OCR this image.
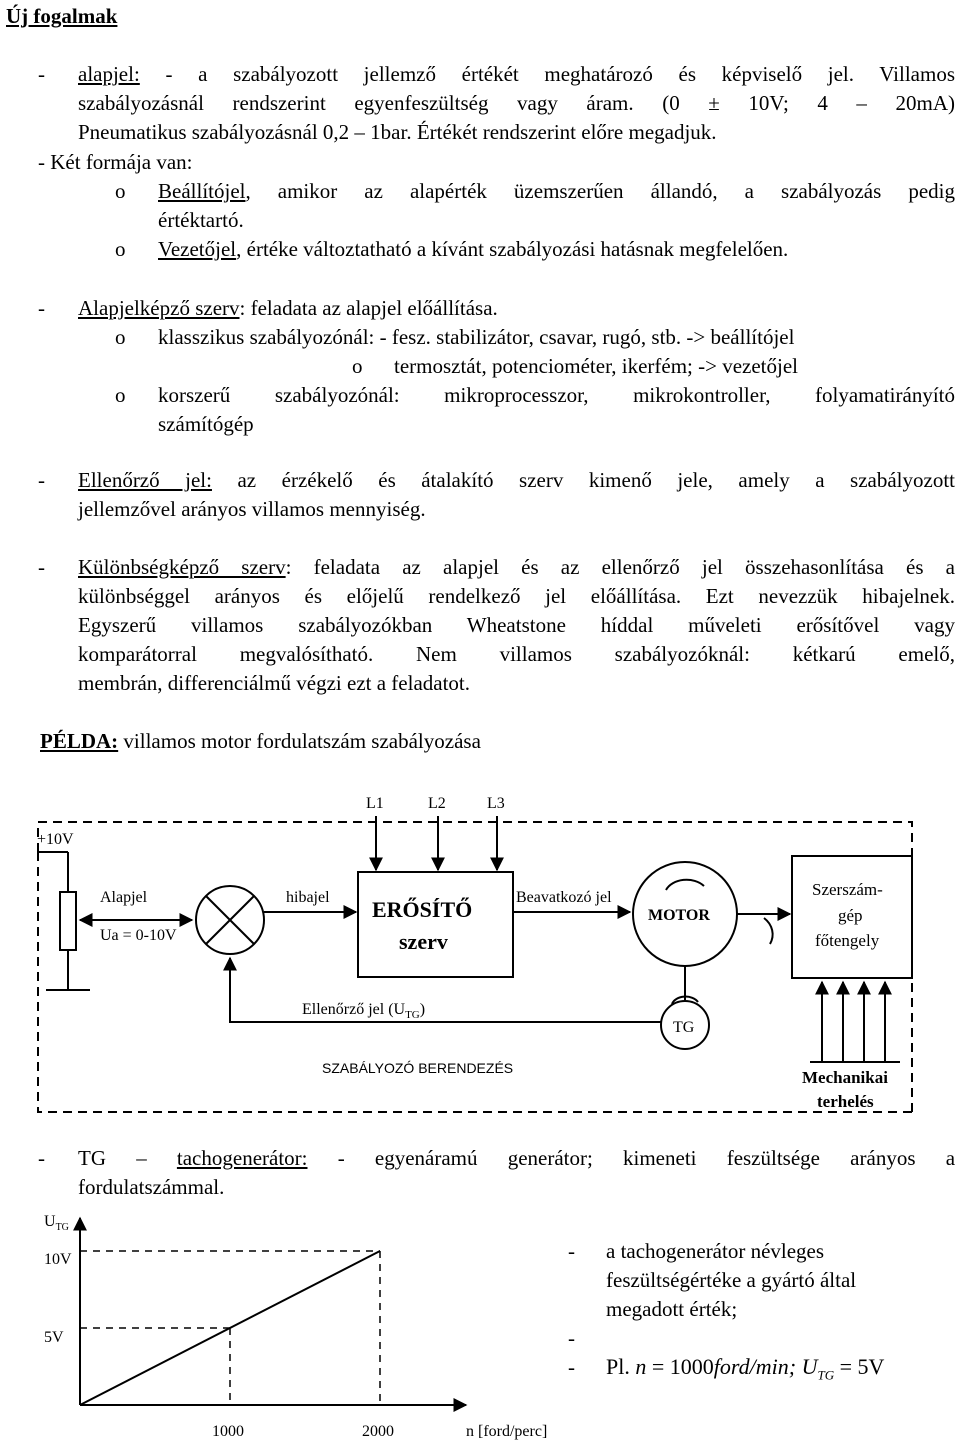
Új fogalmak
- alapjel: - a szabályozott jellemző értékét meghatározó és képviselő jel. Villamos
szabályozásnál rendszerint egyenfeszültség vagy áram. (0 ± 10V; 4 – 20mA)
Pneumatikus szabályozásnál 0,2 – 1bar. Értékét rendszerint előre megadjuk.
- Két formája van:
o Beállítójel, amikor az alapérték üzemszerűen állandó, a szabályozás pedig
értéktartó.
o Vezetőjel, értéke változtatható a kívánt szabályozási hatásnak megfelelően.
- Alapjelképző szerv: feladata az alapjel előállítása.
o klasszikus szabályozónál: - fesz. stabilizátor, csavar, rugó, stb. -> beállítójel
o termosztát, potenciométer, ikerfém; -> vezetőjel
o korszerű szabályozónál: mikroprocesszor, mikrokontroller, folyamatirányító
számítógép
- Ellenőrző jel: az érzékelő és átalakító szerv kimenő jele, amely a szabályozott
jellemzővel arányos villamos mennyiség.
- Különbségképző szerv: feladata az alapjel és az ellenőrző jel összehasonlítása és a
különbséggel arányos és előjelű rendelkező jel előállítása. Ezt nevezzük hibajelnek.
Egyszerű villamos szabályozókban Wheatstone híddal műveleti erősítővel vagy
komparátorral megvalósítható. Nem villamos szabályozóknál: kétkarú emelő,
membrán, differenciálmű végzi ezt a feladatot.
PÉLDA: villamos motor fordulatszám szabályozása
L1	L2	L3
+10V
Alapjel
Ua = 0-10V
hibajel ERŐSÍTŐ
szerv
Beavatkozó jel
MOTOR
Szerszám-
gép
főtengely
Ellenőrző jel $(U_{TG})$
TG
SZABÁLYOZÓ BERENDEZÉS	Mechanikai
terhelés
- TG – tachogenerátor: - egyenáramú generátor; kimeneti feszültsége arányos a
fordulatszámmal.
$U_{TG}$
10V
5V
1000	2000	n [ford/perc]
- a tachogenerátor névleges
feszültségértéke a gyártó által
megadott érték;
-
- Pl. n = 1000ford/min; $U_{TG} = 5V$
